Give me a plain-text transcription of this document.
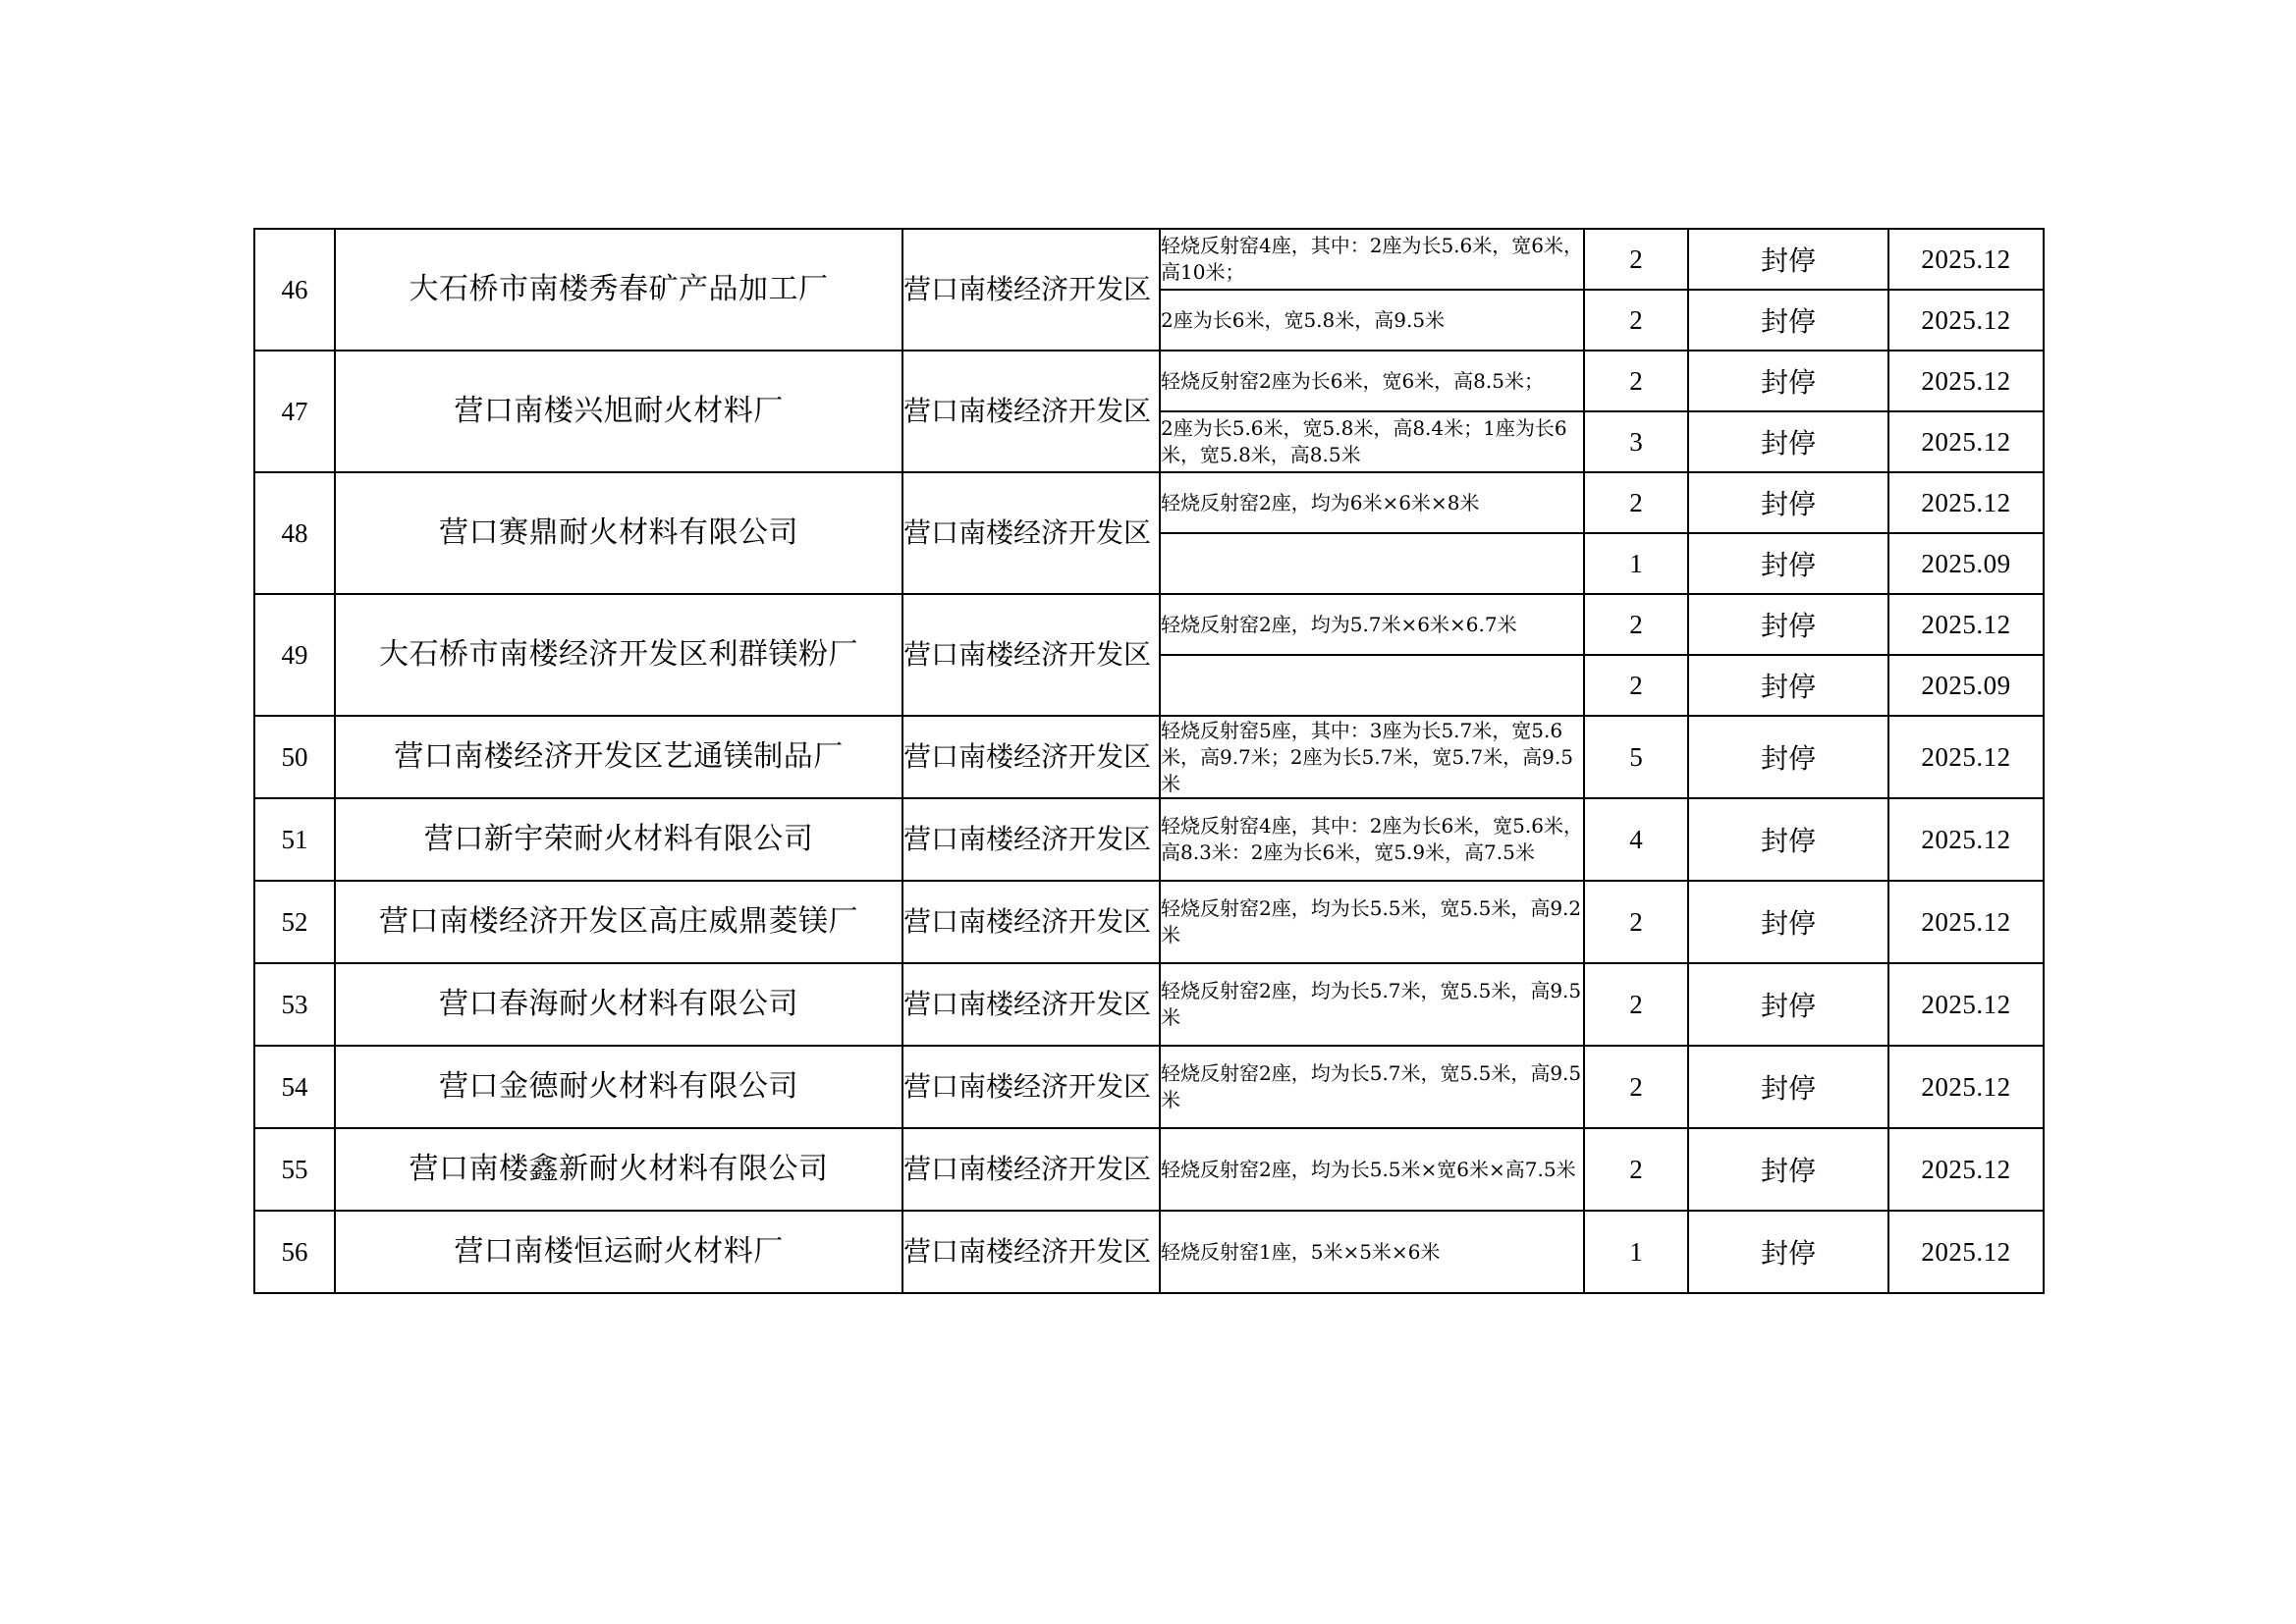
46	大石桥市南楼秀春矿产品加工厂	营口南楼经济开发区	轻烧反射窑4座，其中：2座为长5.6米，宽6米，高10米；	2	封停	2025.12
			2座为长6米，宽5.8米，高9.5米	2	封停	2025.12
47	营口南楼兴旭耐火材料厂	营口南楼经济开发区	轻烧反射窑2座为长6米，宽6米，高8.5米；	2	封停	2025.12
			2座为长5.6米，宽5.8米，高8.4米；1座为长6米，宽5.8米，高8.5米	3	封停	2025.12
48	营口赛鼎耐火材料有限公司	营口南楼经济开发区	轻烧反射窑2座，均为6米×6米×8米	2	封停	2025.12
				1	封停	2025.09
49	大石桥市南楼经济开发区利群镁粉厂	营口南楼经济开发区	轻烧反射窑2座，均为5.7米×6米×6.7米	2	封停	2025.12
				2	封停	2025.09
50	营口南楼经济开发区艺通镁制品厂	营口南楼经济开发区	轻烧反射窑5座，其中：3座为长5.7米，宽5.6米，高9.7米；2座为长5.7米，宽5.7米，高9.5米	5	封停	2025.12
51	营口新宇荣耐火材料有限公司	营口南楼经济开发区	轻烧反射窑4座，其中：2座为长6米，宽5.6米，高8.3米：2座为长6米，宽5.9米，高7.5米	4	封停	2025.12
52	营口南楼经济开发区高庄威鼎菱镁厂	营口南楼经济开发区	轻烧反射窑2座，均为长5.5米，宽5.5米，高9.2米	2	封停	2025.12
53	营口春海耐火材料有限公司	营口南楼经济开发区	轻烧反射窑2座，均为长5.7米，宽5.5米，高9.5米	2	封停	2025.12
54	营口金德耐火材料有限公司	营口南楼经济开发区	轻烧反射窑2座，均为长5.7米，宽5.5米，高9.5米	2	封停	2025.12
55	营口南楼鑫新耐火材料有限公司	营口南楼经济开发区	轻烧反射窑2座，均为长5.5米×宽6米×高7.5米	2	封停	2025.12
56	营口南楼恒运耐火材料厂	营口南楼经济开发区	轻烧反射窑1座，5米×5米×6米	1	封停	2025.12
